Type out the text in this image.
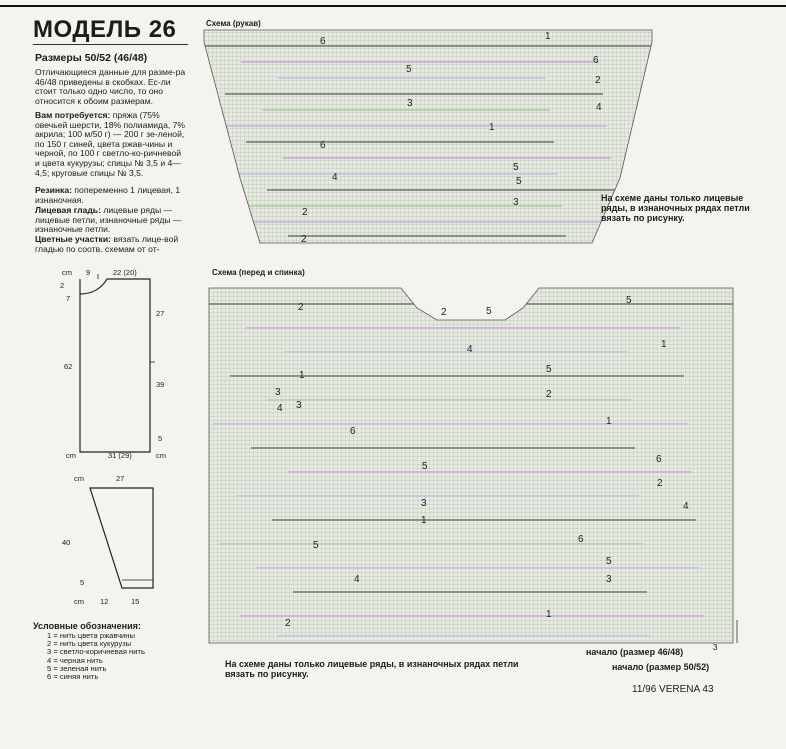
МОДЕЛЬ 26
Размеры 50/52 (46/48)
Отличающиеся данные для разме-ра 46/48 приведены в скобках. Ес-ли стоит только одно число, то оно относится к обоим размерам.
Вам потребуется: пряжа (75% овечьей шерсти, 18% полиамида, 7% акрила; 100 м/50 г) — 200 г зе-леной, по 150 г синей, цвета ржав-чины и черной, по 100 г светло-ко-ричневой и цвета кукурузы; спицы № 3,5 и 4—4,5; круговые спицы № 3,5.
Резинка: попеременно 1 лицевая, 1 изнаночная.
Лицевая гладь: лицевые ряды — лицевые петли, изнаночные ряды — изнаночные петли.
Цветные участки: вязать лице-вой гладью по соотв. схемам от от-
cm 9	22 (20)
2
7
62
27
39
5
cm	31 (29)	cm
cm	27
40
5
cm 12	15
Условные обозначения:
1 = нить цвета ржавчины
2 = нить цвета кукурузы
3 = светло-коричневая нить
4 = черная нить
5 = зеленая нить
6 = синяя нить
Схема (рукав)
6	1
6
5
2
3	4
1
6
5
5
4
2
3
2
На схеме даны только лицевые ряды, в изнаночных рядах петли вязать по рисунку.
Схема (перед и спинка)
2	2	5
5
4	1
3
5
2
1
3
4
6
1
5
6
2
4
3
1
5
6
5
4	3
2
1
На схеме даны только лицевые ряды, в изнаночных рядах петли вязать по рисунку.
начало (размер 46/48)	3
начало (размер 50/52)
11/96 VERENA 43
